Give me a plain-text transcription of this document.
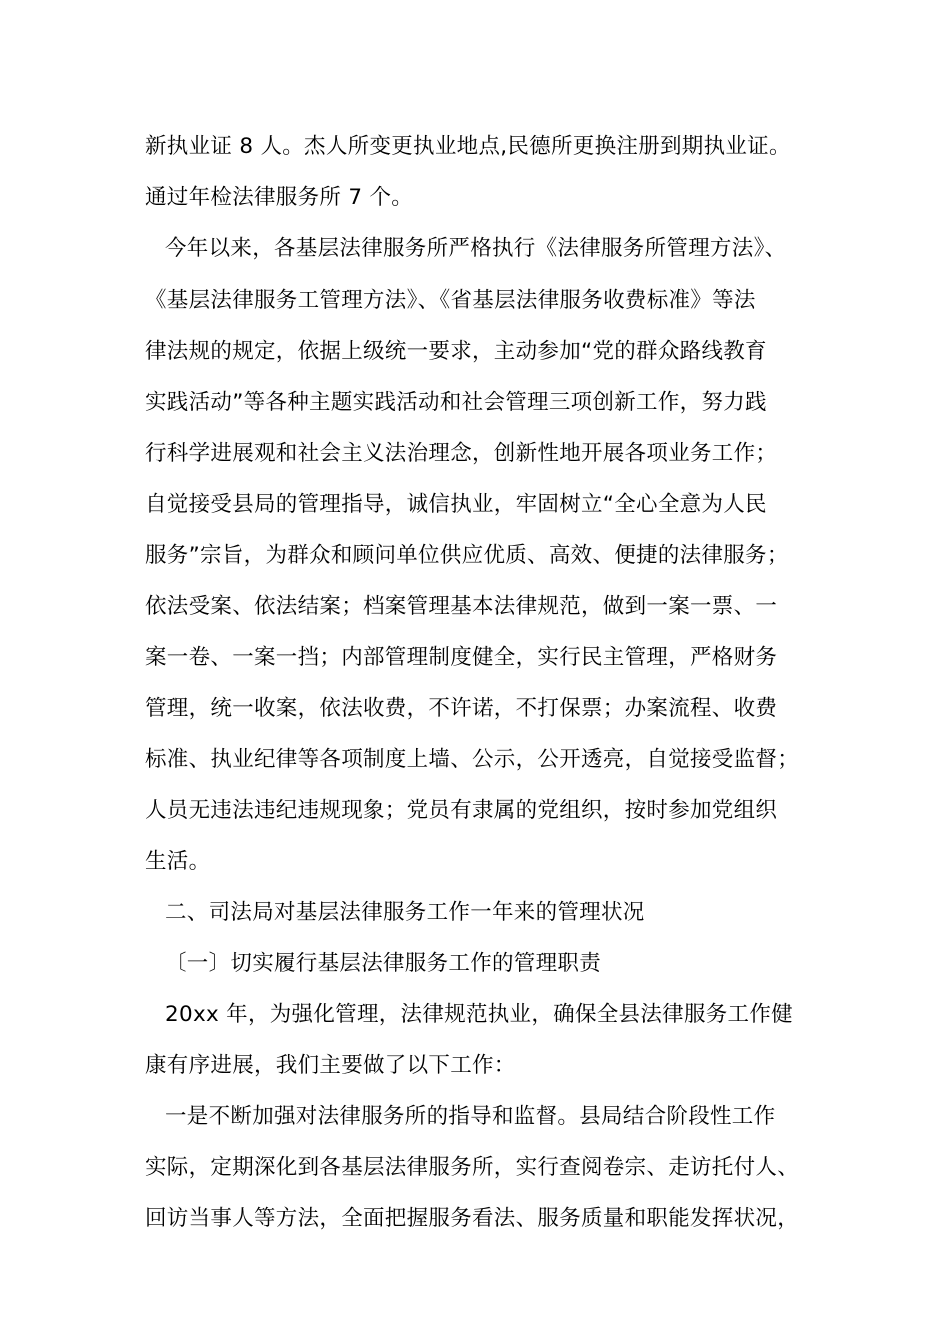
新执业证 8 人。杰人所变更执业地点,民德所更换注册到期执业证。
通过年检法律服务所 7 个。
今年以来，各基层法律服务所严格执行《法律服务所管理方法》、
《基层法律服务工管理方法》、《省基层法律服务收费标准》等法
律法规的规定，依据上级统一要求，主动参加“党的群众路线教育
实践活动”等各种主题实践活动和社会管理三项创新工作，努力践
行科学进展观和社会主义法治理念，创新性地开展各项业务工作；
自觉接受县局的管理指导，诚信执业，牢固树立“全心全意为人民
服务”宗旨，为群众和顾问单位供应优质、高效、便捷的法律服务；
依法受案、依法结案；档案管理基本法律规范，做到一案一票、一
案一卷、一案一挡；内部管理制度健全，实行民主管理，严格财务
管理，统一收案，依法收费，不许诺，不打保票；办案流程、收费
标准、执业纪律等各项制度上墙、公示，公开透亮，自觉接受监督；
人员无违法违纪违规现象；党员有隶属的党组织，按时参加党组织
生活。
二、司法局对基层法律服务工作一年来的管理状况
〔一〕切实履行基层法律服务工作的管理职责
20xx 年，为强化管理，法律规范执业，确保全县法律服务工作健
康有序进展，我们主要做了以下工作：
一是不断加强对法律服务所的指导和监督。县局结合阶段性工作
实际，定期深化到各基层法律服务所，实行查阅卷宗、走访托付人、
回访当事人等方法，全面把握服务看法、服务质量和职能发挥状况，
